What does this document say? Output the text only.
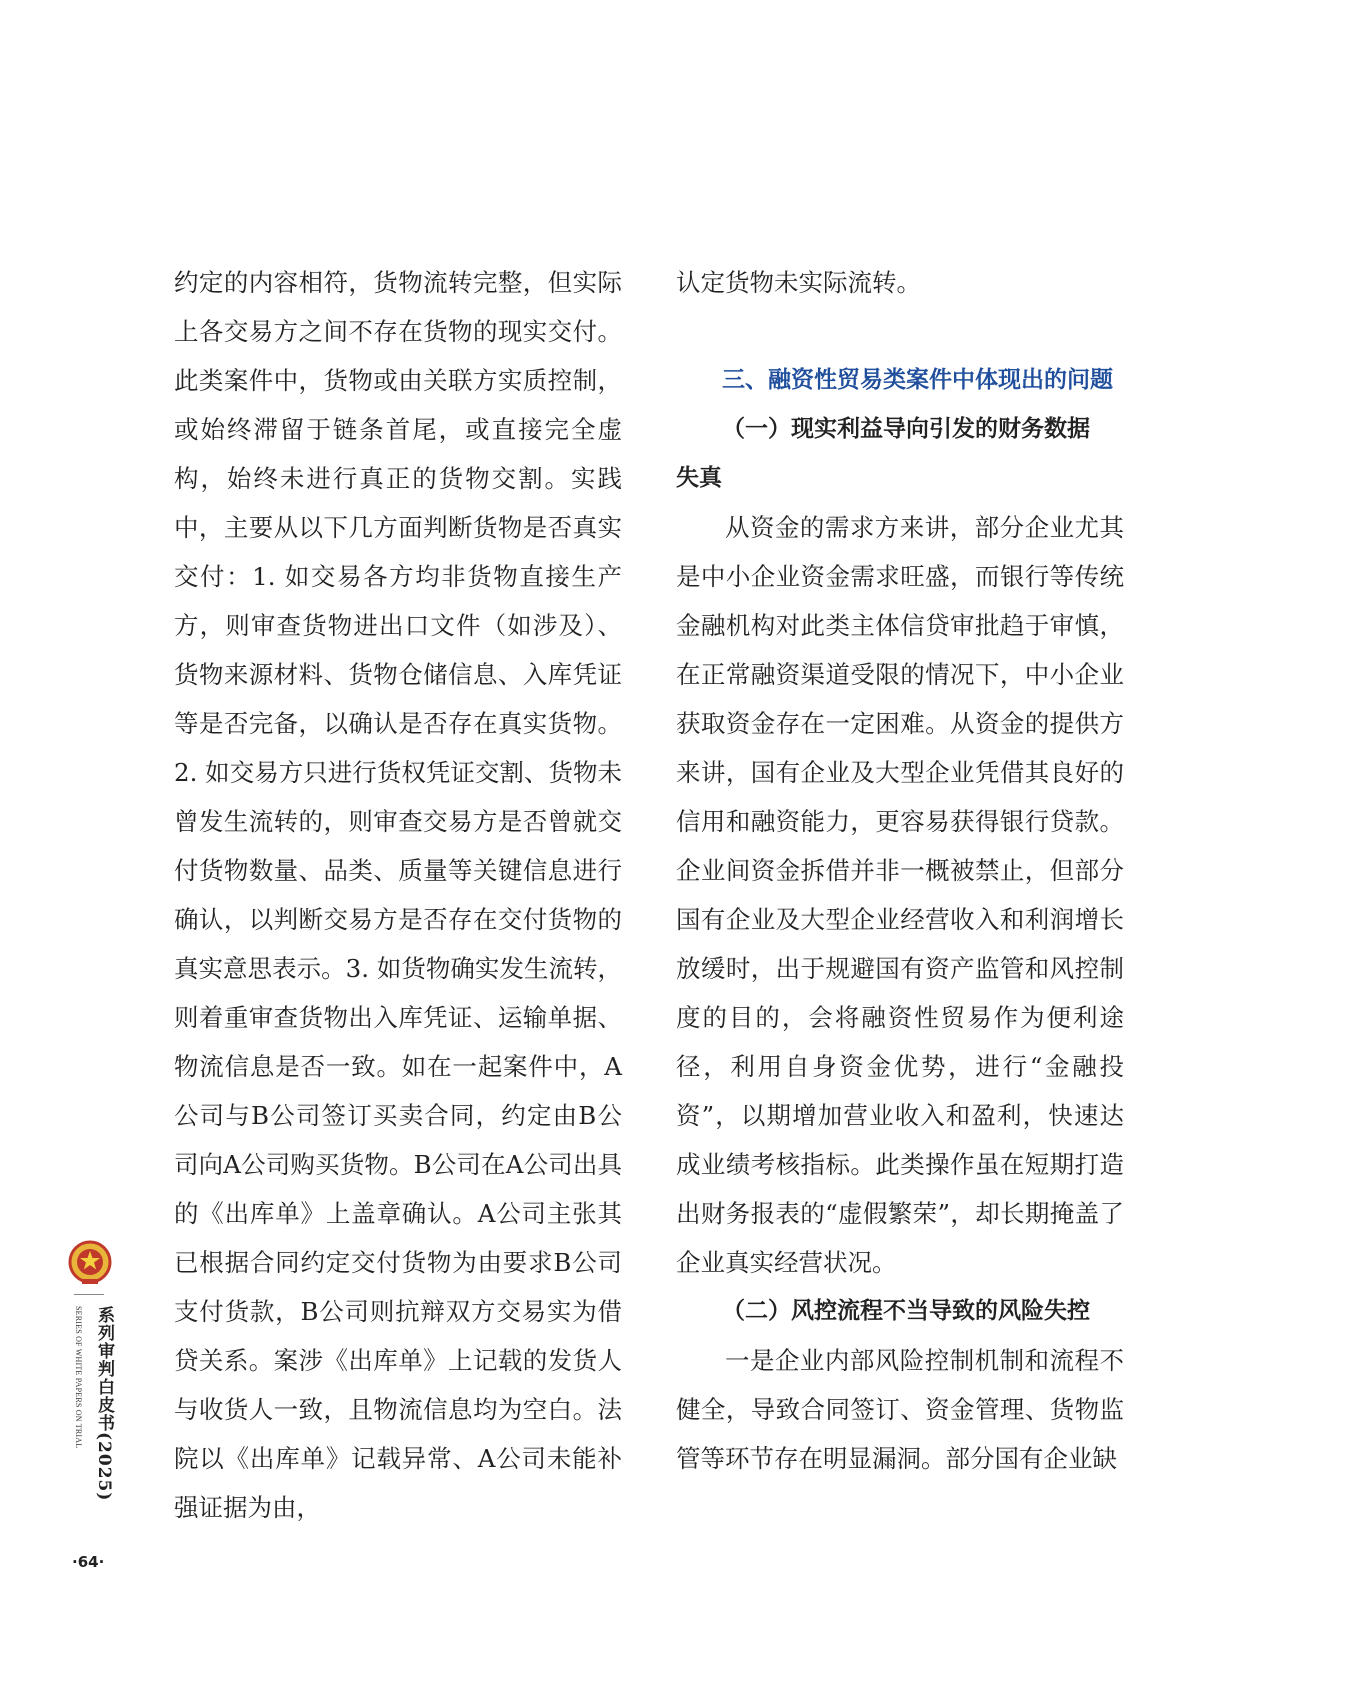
约定的内容相符，货物流转完整，但实际上各交易方之间不存在货物的现实交付。此类案件中，货物或由关联方实质控制，或始终滞留于链条首尾，或直接完全虚构，始终未进行真正的货物交割。实践中，主要从以下几方面判断货物是否真实交付：1. 如交易各方均非货物直接生产方，则审查货物进出口文件（如涉及）、货物来源材料、货物仓储信息、入库凭证等是否完备，以确认是否存在真实货物。2. 如交易方只进行货权凭证交割、货物未曾发生流转的，则审查交易方是否曾就交付货物数量、品类、质量等关键信息进行确认，以判断交易方是否存在交付货物的真实意思表示。3. 如货物确实发生流转，则着重审查货物出入库凭证、运输单据、物流信息是否一致。如在一起案件中，A公司与B公司签订买卖合同，约定由B公司向A公司购买货物。B公司在A公司出具的《出库单》上盖章确认。A公司主张其已根据合同约定交付货物为由要求B公司支付货款，B公司则抗辩双方交易实为借贷关系。案涉《出库单》上记载的发货人与收货人一致，且物流信息均为空白。法院以《出库单》记载异常、A公司未能补强证据为由，

认定货物未实际流转。

三、融资性贸易类案件中体现出的问题

（一）现实利益导向引发的财务数据

失真

从资金的需求方来讲，部分企业尤其是中小企业资金需求旺盛，而银行等传统金融机构对此类主体信贷审批趋于审慎，在正常融资渠道受限的情况下，中小企业获取资金存在一定困难。从资金的提供方来讲，国有企业及大型企业凭借其良好的信用和融资能力，更容易获得银行贷款。企业间资金拆借并非一概被禁止，但部分国有企业及大型企业经营收入和利润增长放缓时，出于规避国有资产监管和风控制度的目的，会将融资性贸易作为便利途径，利用自身资金优势，进行“金融投资”，以期增加营业收入和盈利，快速达成业绩考核指标。此类操作虽在短期打造出财务报表的“虚假繁荣”，却长期掩盖了企业真实经营状况。

（二）风控流程不当导致的风险失控

一是企业内部风险控制机制和流程不健全，导致合同签订、资金管理、货物监管等环节存在明显漏洞。部分国有企业缺

系列审判白皮书(2025)
SERIES OF WHITE PAPERS ON TRIAL
·64·
